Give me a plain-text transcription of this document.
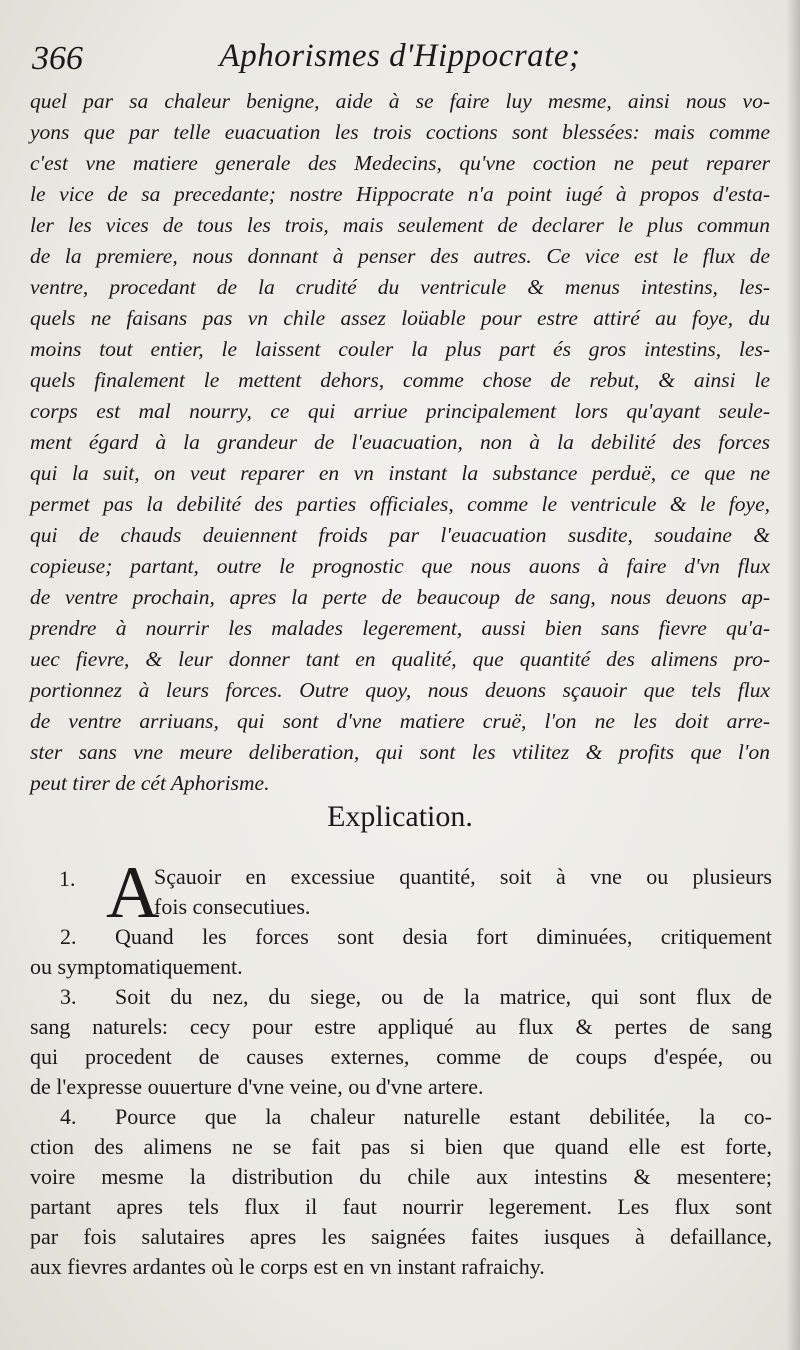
366	Aphorismes d'Hippocrate;
quel par sa chaleur benigne, aide à se faire luy mesme, ainsi nous vo-
yons que par telle euacuation les trois coctions sont blessées: mais comme
c'est vne matiere generale des Medecins, qu'vne coction ne peut reparer
le vice de sa precedante; nostre Hippocrate n'a point iugé à propos d'esta-
ler les vices de tous les trois, mais seulement de declarer le plus commun
de la premiere, nous donnant à penser des autres. Ce vice est le flux de
ventre, procedant de la crudité du ventricule & menus intestins, les-
quels ne faisans pas vn chile assez loüable pour estre attiré au foye, du
moins tout entier, le laissent couler la plus part és gros intestins, les-
quels finalement le mettent dehors, comme chose de rebut, & ainsi le
corps est mal nourry, ce qui arriue principalement lors qu'ayant seule-
ment égard à la grandeur de l'euacuation, non à la debilité des forces
qui la suit, on veut reparer en vn instant la substance perduë, ce que ne
permet pas la debilité des parties officiales, comme le ventricule & le foye,
qui de chauds deuiennent froids par l'euacuation susdite, soudaine &
copieuse; partant, outre le prognostic que nous auons à faire d'vn flux
de ventre prochain, apres la perte de beaucoup de sang, nous deuons ap-
prendre à nourrir les malades legerement, aussi bien sans fievre qu'a-
uec fievre, & leur donner tant en qualité, que quantité des alimens pro-
portionnez à leurs forces. Outre quoy, nous deuons sçauoir que tels flux
de ventre arriuans, qui sont d'vne matiere cruë, l'on ne les doit arre-
ster sans vne meure deliberation, qui sont les vtilitez & profits que l'on
peut tirer de cét Aphorisme.
Explication.
1. A
Sçauoir en excessiue quantité, soit à vne ou plusieurs
fois consecutiues.
2. Quand les forces sont desia fort diminuées, critiquement
ou symptomatiquement.
3. Soit du nez, du siege, ou de la matrice, qui sont flux de
sang naturels: cecy pour estre appliqué au flux & pertes de sang
qui procedent de causes externes, comme de coups d'espée, ou
de l'expresse ouuerture d'vne veine, ou d'vne artere.
4. Pource que la chaleur naturelle estant debilitée, la co-
ction des alimens ne se fait pas si bien que quand elle est forte,
voire mesme la distribution du chile aux intestins & mesentere;
partant apres tels flux il faut nourrir legerement. Les flux sont
par fois salutaires apres les saignées faites iusques à defaillance,
aux fievres ardantes où le corps est en vn instant rafraichy.
